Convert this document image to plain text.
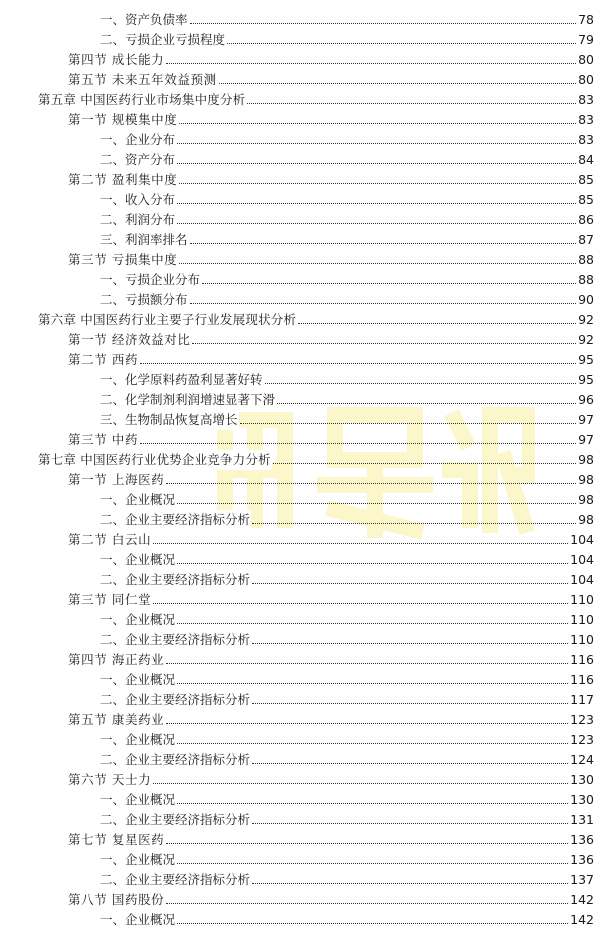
一、资产负债率	78
二、亏损企业亏损程度	79
第四节 成长能力	80
第五节 未来五年效益预测	80
第五章 中国医药行业市场集中度分析	83
第一节 规模集中度	83
一、企业分布	83
二、资产分布	84
第二节 盈利集中度	85
一、收入分布	85
二、利润分布	86
三、利润率排名	87
第三节 亏损集中度	88
一、亏损企业分布	88
二、亏损额分布	90
第六章 中国医药行业主要子行业发展现状分析	92
第一节 经济效益对比	92
第二节 西药	95
一、化学原料药盈利显著好转	95
二、化学制剂利润增速显著下滑	96
三、生物制品恢复高增长	97
第三节 中药	97
第七章 中国医药行业优势企业竞争力分析	98
第一节 上海医药	98
一、企业概况	98
二、企业主要经济指标分析	98
第二节 白云山	104
一、企业概况	104
二、企业主要经济指标分析	104
第三节 同仁堂	110
一、企业概况	110
二、企业主要经济指标分析	110
第四节 海正药业	116
一、企业概况	116
二、企业主要经济指标分析	117
第五节 康美药业	123
一、企业概况	123
二、企业主要经济指标分析	124
第六节 天士力	130
一、企业概况	130
二、企业主要经济指标分析	131
第七节 复星医药	136
一、企业概况	136
二、企业主要经济指标分析	137
第八节 国药股份	142
一、企业概况	142
